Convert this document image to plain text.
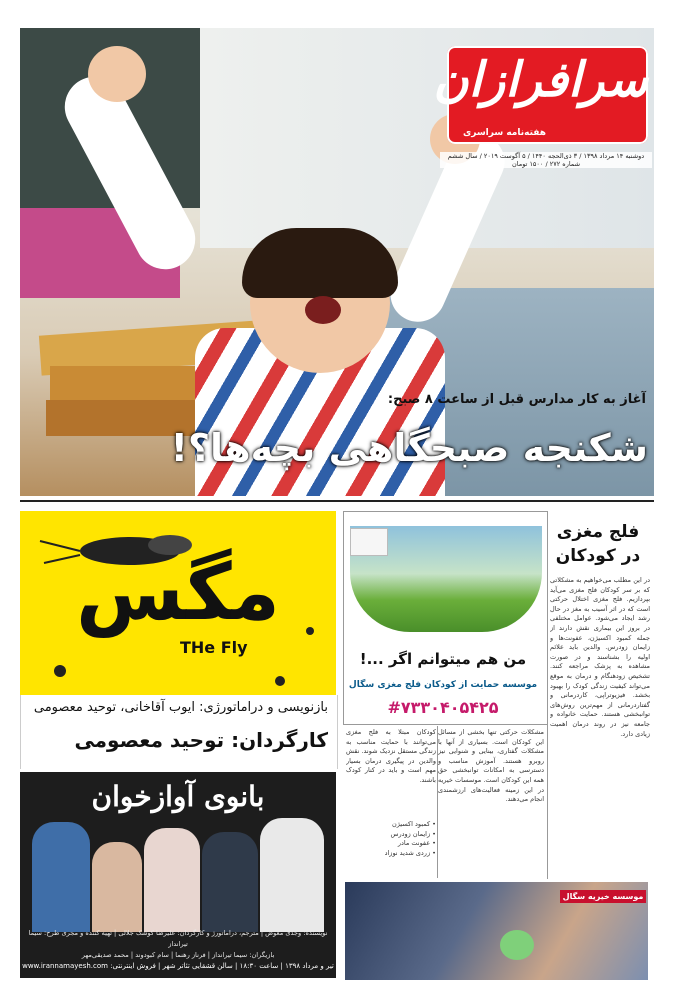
سرافرازان
هفته‌نامه سراسری
دوشنبه ۱۴ مرداد ۱۳۹۸ / ۳ ذی‌الحجه ۱۴۴۰ / ۵ آگوست ۲۰۱۹ / سال ششم شماره ۲۷۲ / ۱۵۰۰ تومان
آغاز به کار مدارس قبل از ساعت ۸ صبح:
شکنجه صبحگاهی بچه‌ها؟!
مگس
THe Fly
بازنویسی و دراماتورژی: ایوب آقاخانی، توحید معصومی
کارگردان: توحید معصومی
بانوی آوازخوان
نویسنده: وجدی معوض | مترجم، دراماتورژ و کارگردان: علیرضا کوشک جلالی | تهیه کننده و مجری طرح: سیما تیرانداز
بازیگران: سیما تیرانداز | فرناز رهنما | سام کبودوند | محمد صدیقی‌مهر
تیر و مرداد ۱۳۹۸ | ساعت ۱۸:۳۰ | سالن قشقایی تئاتر شهر | فروش اینترنتی: www.irannamayesh.com
من هم میتوانم اگر ...!
موسسه حمایت از کودکان فلج مغزی سگال
#۷۳۳۰۴۰۵۴۲۵
فلج مغزی
در کودکان
در این مطلب می‌خواهیم به مشکلاتی که بر سر کودکان فلج مغزی می‌آید بپردازیم. فلج مغزی اختلال حرکتی است که در اثر آسیب به مغز در حال رشد ایجاد می‌شود. عوامل مختلفی در بروز این بیماری نقش دارند از جمله کمبود اکسیژن، عفونت‌ها و زایمان زودرس. والدین باید علائم اولیه را بشناسند و در صورت مشاهده به پزشک مراجعه کنند. تشخیص زودهنگام و درمان به موقع می‌تواند کیفیت زندگی کودک را بهبود بخشد. فیزیوتراپی، کاردرمانی و گفتاردرمانی از مهم‌ترین روش‌های توانبخشی هستند. حمایت خانواده و جامعه نیز در روند درمان اهمیت زیادی دارد.
مشکلات حرکتی تنها بخشی از مسائل این کودکان است. بسیاری از آنها با مشکلات گفتاری، بینایی و شنوایی نیز روبرو هستند. آموزش مناسب و دسترسی به امکانات توانبخشی حق همه این کودکان است. موسسات خیریه در این زمینه فعالیت‌های ارزشمندی انجام می‌دهند.
کودکان مبتلا به فلج مغزی می‌توانند با حمایت مناسب به زندگی مستقل نزدیک شوند. نقش والدین در پیگیری درمان بسیار مهم است و باید در کنار کودک باشند.
• کمبود اکسیژن
• زایمان زودرس
• عفونت مادر
• زردی شدید نوزاد
موسسه خیریه سگال
